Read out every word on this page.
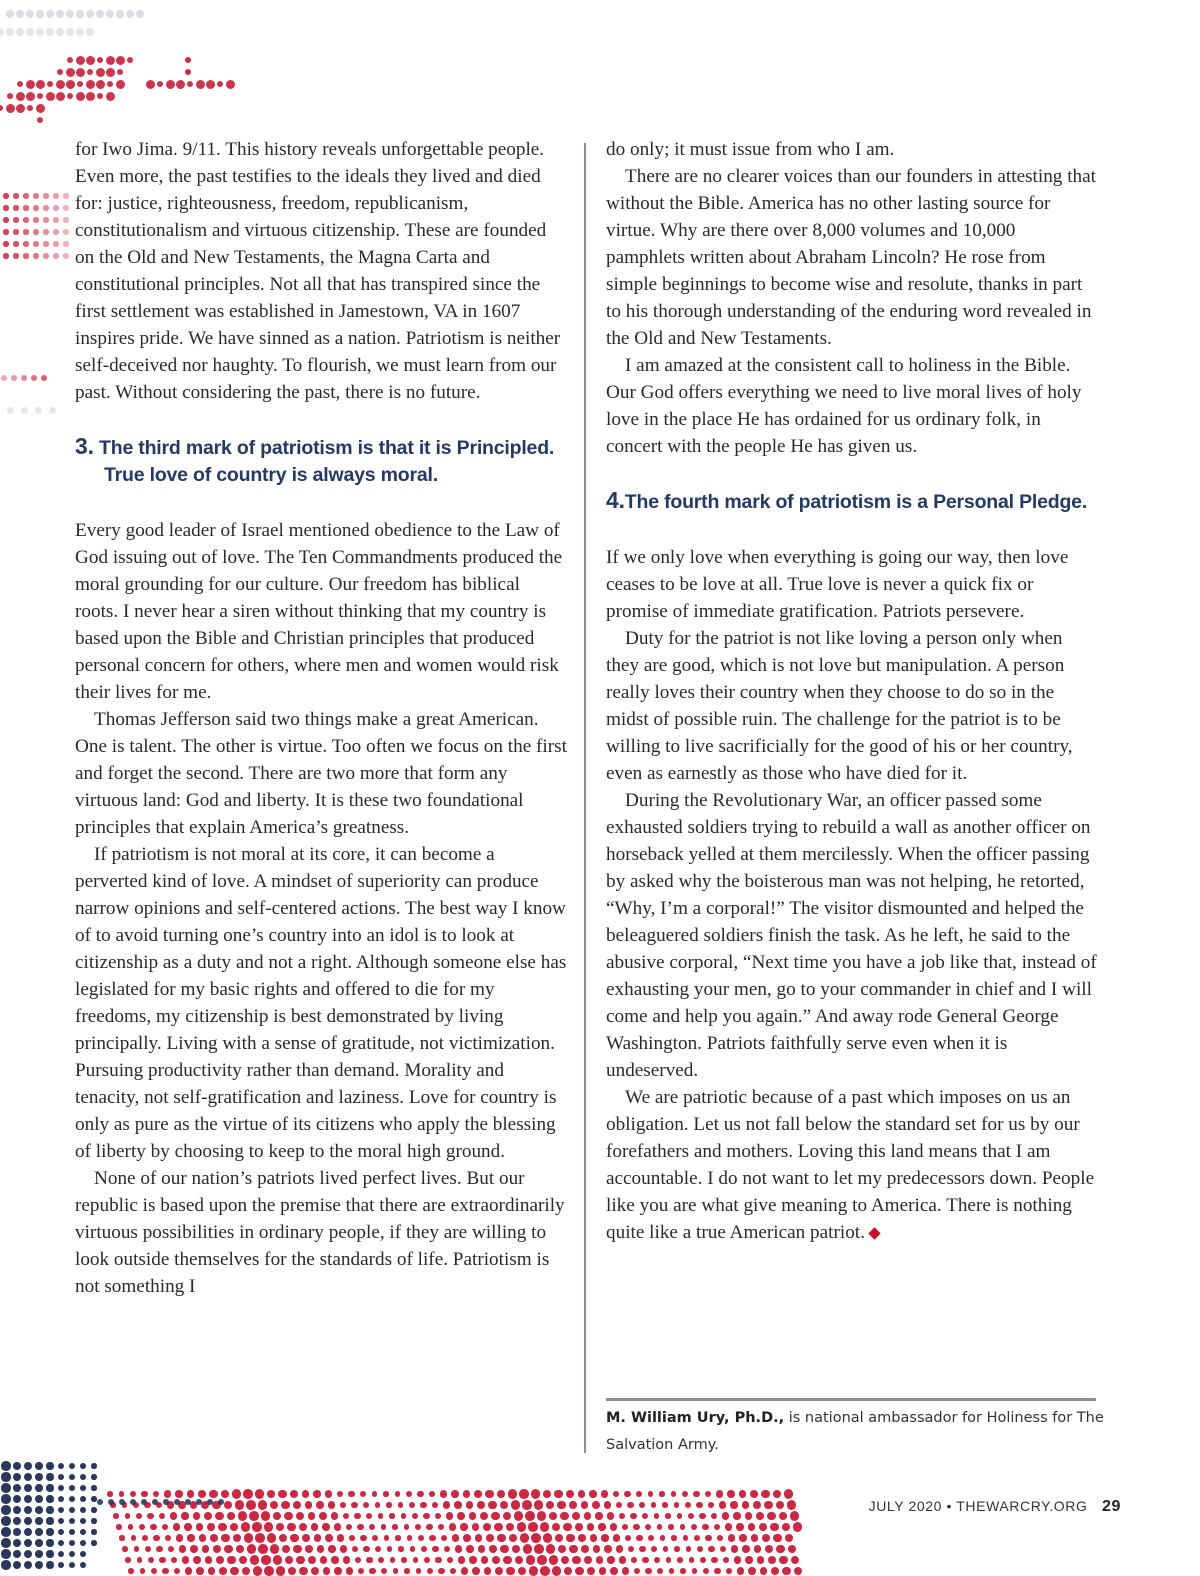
for Iwo Jima. 9/11. This history reveals unforgettable people. Even more, the past testifies to the ideals they lived and died for: justice, righteousness, freedom, republicanism, constitutionalism and virtuous citizenship. These are founded on the Old and New Testaments, the Magna Carta and constitutional principles. Not all that has transpired since the first settlement was established in Jamestown, VA in 1607 inspires pride. We have sinned as a nation. Patriotism is neither self-deceived nor haughty. To flourish, we must learn from our past. Without considering the past, there is no future.

3. The third mark of patriotism is that it is Principled.
True love of country is always moral.

Every good leader of Israel mentioned obedience to the Law of God issuing out of love. The Ten Commandments produced the moral grounding for our culture. Our freedom has biblical roots. I never hear a siren without thinking that my country is based upon the Bible and Christian principles that produced personal concern for others, where men and women would risk their lives for me.

Thomas Jefferson said two things make a great American. One is talent. The other is virtue. Too often we focus on the first and forget the second. There are two more that form any virtuous land: God and liberty. It is these two foundational principles that explain America’s greatness.

If patriotism is not moral at its core, it can become a perverted kind of love. A mindset of superiority can produce narrow opinions and self-centered actions. The best way I know of to avoid turning one’s country into an idol is to look at citizenship as a duty and not a right. Although someone else has legislated for my basic rights and offered to die for my freedoms, my citizenship is best demonstrated by living principally. Living with a sense of gratitude, not victimization. Pursuing productivity rather than demand. Morality and tenacity, not self-gratification and laziness. Love for country is only as pure as the virtue of its citizens who apply the blessing of liberty by choosing to keep to the moral high ground.

None of our nation’s patriots lived perfect lives. But our republic is based upon the premise that there are extraordinarily virtuous possibilities in ordinary people, if they are willing to look outside themselves for the standards of life. Patriotism is not something I

do only; it must issue from who I am.

There are no clearer voices than our founders in attesting that without the Bible. America has no other lasting source for virtue. Why are there over 8,000 volumes and 10,000 pamphlets written about Abraham Lincoln? He rose from simple beginnings to become wise and resolute, thanks in part to his thorough understanding of the enduring word revealed in the Old and New Testaments.

I am amazed at the consistent call to holiness in the Bible. Our God offers everything we need to live moral lives of holy love in the place He has ordained for us ordinary folk, in concert with the people He has given us.

4.The fourth mark of patriotism is a Personal Pledge.

If we only love when everything is going our way, then love ceases to be love at all. True love is never a quick fix or promise of immediate gratification. Patriots persevere.

Duty for the patriot is not like loving a person only when they are good, which is not love but manipulation. A person really loves their country when they choose to do so in the midst of possible ruin. The challenge for the patriot is to be willing to live sacrificially for the good of his or her country, even as earnestly as those who have died for it.

During the Revolutionary War, an officer passed some exhausted soldiers trying to rebuild a wall as another officer on horseback yelled at them mercilessly. When the officer passing by asked why the boisterous man was not helping, he retorted, “Why, I’m a corporal!” The visitor dismounted and helped the beleaguered soldiers finish the task. As he left, he said to the abusive corporal, “Next time you have a job like that, instead of exhausting your men, go to your commander in chief and I will come and help you again.” And away rode General George Washington. Patriots faithfully serve even when it is undeserved.

We are patriotic because of a past which imposes on us an obligation. Let us not fall below the standard set for us by our forefathers and mothers. Loving this land means that I am accountable. I do not want to let my predecessors down. People like you are what give meaning to America. There is nothing quite like a true American patriot.

M. William Ury, Ph.D., is national ambassador for Holiness for The Salvation Army.
JULY 2020 • THEWARCRY.ORG 29
